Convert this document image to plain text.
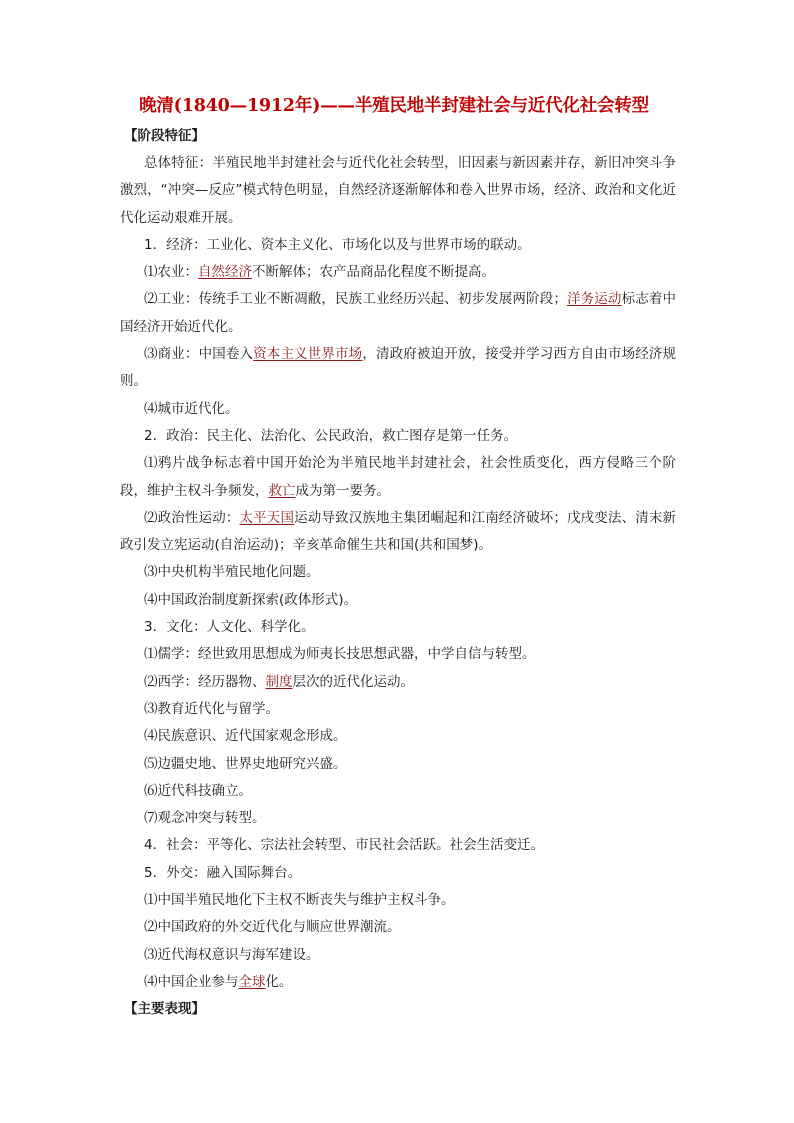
晚清(1840—1912年)——半殖民地半封建社会与近代化社会转型
【阶段特征】

总体特征：半殖民地半封建社会与近代化社会转型，旧因素与新因素并存，新旧冲突斗争激烈，“冲突—反应”模式特色明显，自然经济逐渐解体和卷入世界市场，经济、政治和文化近代化运动艰难开展。

1．经济：工业化、资本主义化、市场化以及与世界市场的联动。

⑴农业：自然经济不断解体；农产品商品化程度不断提高。

⑵工业：传统手工业不断凋敝，民族工业经历兴起、初步发展两阶段；洋务运动标志着中国经济开始近代化。

⑶商业：中国卷入资本主义世界市场，清政府被迫开放，接受并学习西方自由市场经济规则。

⑷城市近代化。

2．政治：民主化、法治化、公民政治，救亡图存是第一任务。

⑴鸦片战争标志着中国开始沦为半殖民地半封建社会，社会性质变化，西方侵略三个阶段，维护主权斗争频发，救亡成为第一要务。

⑵政治性运动：太平天国运动导致汉族地主集团崛起和江南经济破坏；戊戌变法、清末新政引发立宪运动(自治运动)；辛亥革命催生共和国(共和国梦)。

⑶中央机构半殖民地化问题。

⑷中国政治制度新探索(政体形式)。

3．文化：人文化、科学化。

⑴儒学：经世致用思想成为师夷长技思想武器，中学自信与转型。

⑵西学：经历器物、制度层次的近代化运动。

⑶教育近代化与留学。

⑷民族意识、近代国家观念形成。

⑸边疆史地、世界史地研究兴盛。

⑹近代科技确立。

⑺观念冲突与转型。

4．社会：平等化、宗法社会转型、市民社会活跃。社会生活变迁。

5．外交：融入国际舞台。

⑴中国半殖民地化下主权不断丧失与维护主权斗争。

⑵中国政府的外交近代化与顺应世界潮流。

⑶近代海权意识与海军建设。

⑷中国企业参与全球化。

【主要表现】
